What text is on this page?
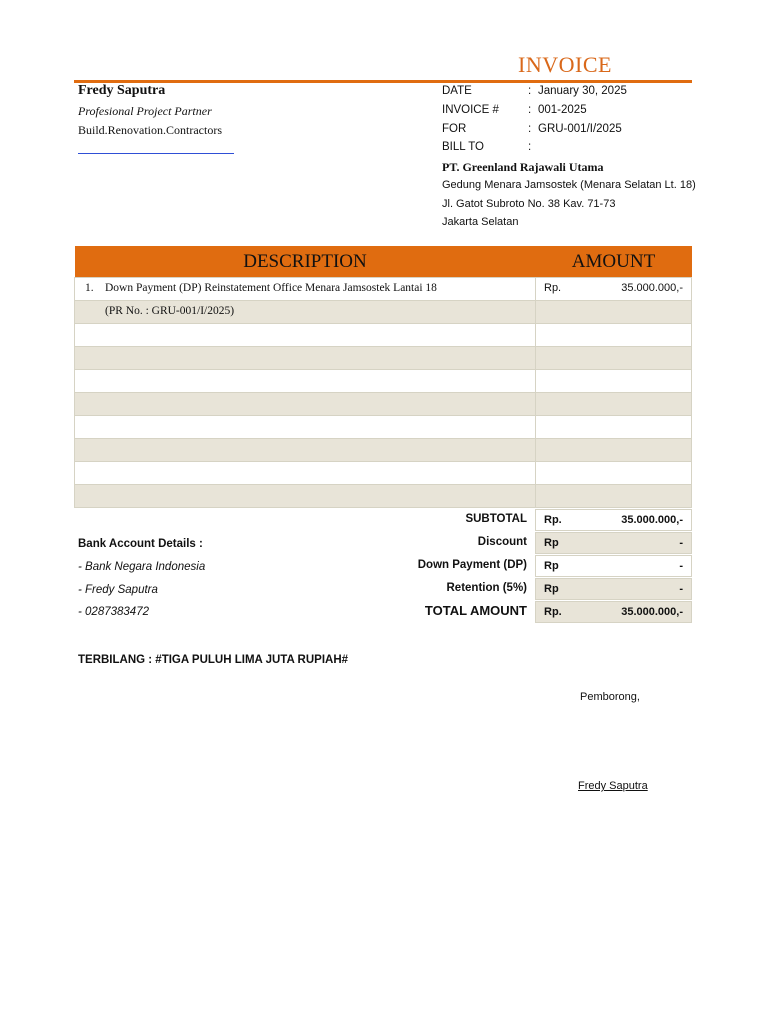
INVOICE
Fredy Saputra
Profesional Project Partner
Build.Renovation.Contractors
DATE	: January 30, 2025
INVOICE #	: 001-2025
FOR	: GRU-001/I/2025
BILL TO	:
PT. Greenland Rajawali Utama
Gedung Menara Jamsostek (Menara Selatan Lt. 18)
Jl. Gatot Subroto No. 38 Kav. 71-73
Jakarta Selatan
DESCRIPTION	AMOUNT

1. Down Payment (DP) Reinstatement Office Menara Jamsostek Lantai 18	Rp. 35.000.000,-

(PR No. : GRU-001/I/2025)	

SUBTOTAL Rp.	35.000.000,-
Discount Rp	-
Down Payment (DP) Rp	-
Retention (5%) Rp	-
TOTAL AMOUNT Rp.	35.000.000,-
Bank Account Details :
- Bank Negara Indonesia
- Fredy Saputra
- 0287383472
TERBILANG : #TIGA PULUH LIMA JUTA RUPIAH#
Pemborong,
Fredy Saputra
